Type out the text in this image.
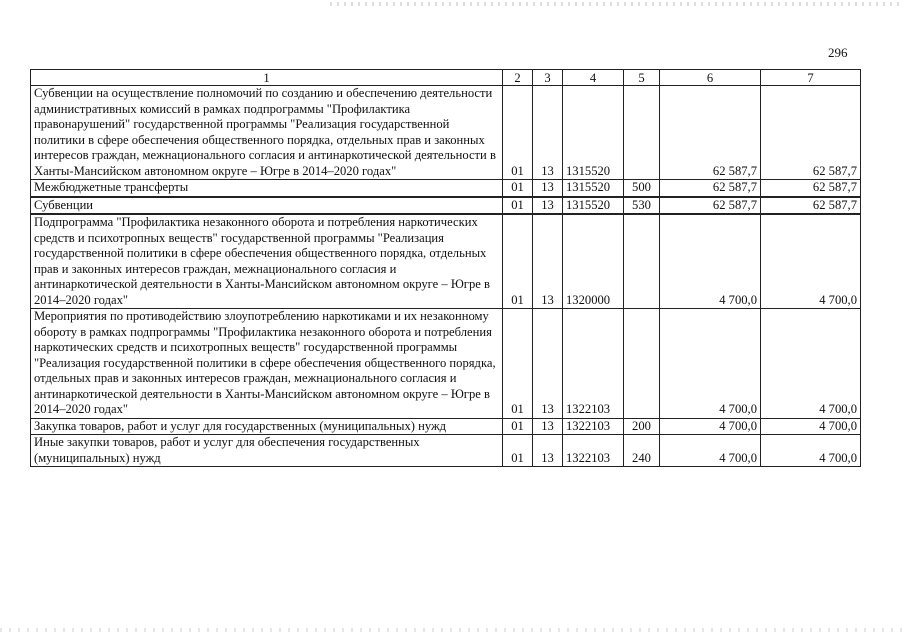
296
1	2	3	4	5	6	7
Субвенции на осуществление полномочий по созданию и обеспечению деятельности административных комиссий в рамках подпрограммы "Профилактика правонарушений" государственной программы "Реализация государственной политики в сфере обеспечения общественного порядка, отдельных прав и законных интересов граждан, межнационального согласия и антинаркотической деятельности в Ханты-Мансийском автономном округе – Югре в 2014–2020 годах"	01	13	1315520		62 587,7	62 587,7
Межбюджетные трансферты	01	13	1315520	500	62 587,7	62 587,7
Субвенции	01	13	1315520	530	62 587,7	62 587,7
Подпрограмма "Профилактика незаконного оборота и потребления наркотических средств и психотропных веществ" государственной программы "Реализация государственной политики в сфере обеспечения общественного порядка, отдельных прав и законных интересов граждан, межнационального согласия и антинаркотической деятельности в Ханты-Мансийском автономном округе – Югре в 2014–2020 годах"	01	13	1320000		4 700,0	4 700,0
Мероприятия по противодействию злоупотреблению наркотиками и их незаконному обороту в рамках подпрограммы "Профилактика незаконного оборота и потребления наркотических средств и психотропных веществ" государственной программы "Реализация государственной политики в сфере обеспечения общественного порядка, отдельных прав и законных интересов граждан, межнационального согласия и антинаркотической деятельности в Ханты-Мансийском автономном округе – Югре в 2014–2020 годах"	01	13	1322103		4 700,0	4 700,0
Закупка товаров, работ и услуг для государственных (муниципальных) нужд	01	13	1322103	200	4 700,0	4 700,0
Иные закупки товаров, работ и услуг для обеспечения государственных (муниципальных) нужд	01	13	1322103	240	4 700,0	4 700,0
